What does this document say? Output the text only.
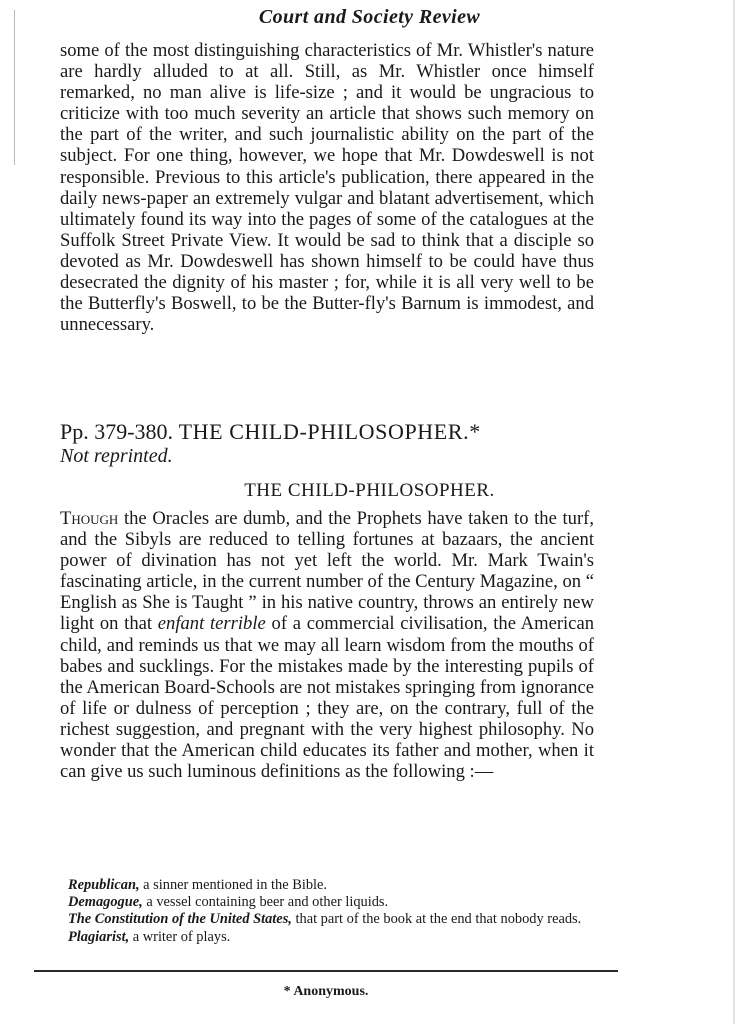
Court and Society Review

some of the most distinguishing characteristics of Mr. Whistler's nature are hardly alluded to at all. Still, as Mr. Whistler once himself remarked, no man alive is life-size ; and it would be ungracious to criticize with too much severity an article that shows such memory on the part of the writer, and such journalistic ability on the part of the subject. For one thing, however, we hope that Mr. Dowdeswell is not responsible. Previous to this article's publication, there appeared in the daily news-paper an extremely vulgar and blatant advertisement, which ultimately found its way into the pages of some of the catalogues at the Suffolk Street Private View. It would be sad to think that a disciple so devoted as Mr. Dowdeswell has shown himself to be could have thus desecrated the dignity of his master ; for, while it is all very well to be the Butterfly's Boswell, to be the Butter-fly's Barnum is immodest, and unnecessary.

Pp. 379-380. THE CHILD-PHILOSOPHER.*
Not reprinted.
THE CHILD-PHILOSOPHER.

Though the Oracles are dumb, and the Prophets have taken to the turf, and the Sibyls are reduced to telling fortunes at bazaars, the ancient power of divination has not yet left the world. Mr. Mark Twain's fascinating article, in the current number of the Century Magazine, on “ English as She is Taught ” in his native country, throws an entirely new light on that enfant terrible of a commercial civilisation, the American child, and reminds us that we may all learn wisdom from the mouths of babes and sucklings. For the mistakes made by the interesting pupils of the American Board-Schools are not mistakes springing from ignorance of life or dulness of perception ; they are, on the contrary, full of the richest suggestion, and pregnant with the very highest philosophy. No wonder that the American child educates its father and mother, when it can give us such luminous definitions as the following :—

Republican, a sinner mentioned in the Bible.

Demagogue, a vessel containing beer and other liquids.

The Constitution of the United States, that part of the book at the end that nobody reads.

Plagiarist, a writer of plays.

* Anonymous.
